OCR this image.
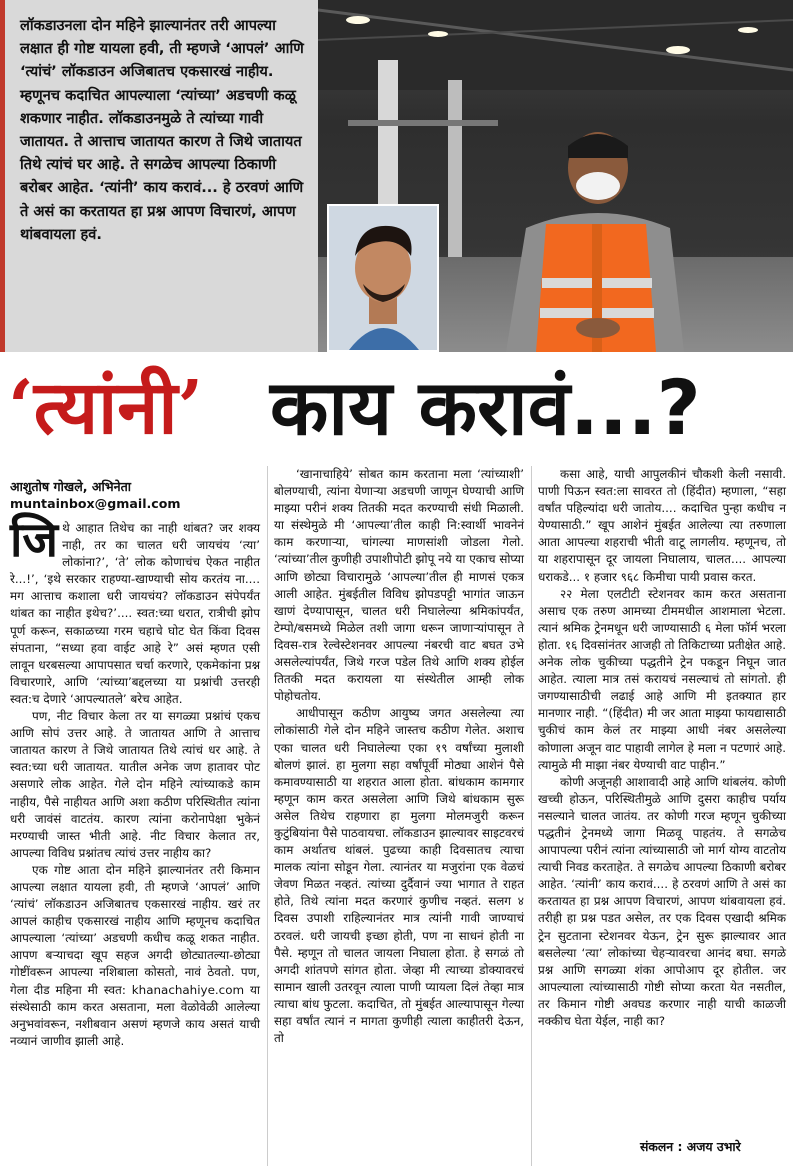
लॉकडाउनला दोन महिने झाल्यानंतर तरी आपल्या लक्षात ही गोष्ट यायला हवी, ती म्हणजे ‘आपलं’ आणि ‘त्यांचं’ लॉकडाउन अजिबातच एकसारखं नाहीय. म्हणूनच कदाचित आपल्याला ‘त्यांच्या’ अडचणी कळू शकणार नाहीत. लॉकडाउनमुळे ते त्यांच्या गावी जातायत. ते आत्ताच जातायत कारण ते जिथे जातायत तिथे त्यांचं घर आहे. ते सगळेच आपल्या ठिकाणी बरोबर आहेत. ‘त्यांनी’ काय करावं... हे ठरवणं आणि ते असं का करतायत हा प्रश्न आपण विचारणं, आपण थांबवायला हवं.
‘त्यांनी’ काय करावं...?
आशुतोष गोखले, अभिनेता
muntainbox@gmail.com

जिथे आहात तिथेच का नाही थांबत? जर शक्य नाही, तर का चालत धरी जायचंय ‘त्या’ लोकांना?’, ‘ते’ लोक कोणाचंच ऐकत नाहीत रे...!’, ‘इथे सरकार राहण्या-खाण्याची सोय करतंय ना.... मग आत्ताच कशाला धरी जायचंय? लॉकडाउन संपेपर्यंत थांबत का नाहीत इथेच?’.... स्वत:च्या धरात, रात्रीची झोप पूर्ण करून, सकाळच्या गरम चहाचे घोट घेत किंवा दिवस संपताना, “सध्या हवा वाईट आहे रे” असं म्हणत एसी लावून धरबसल्या आपापसात चर्चा करणारे, एकमेकांना प्रश्न विचारणारे, आणि ‘त्यांच्या’बद्दलच्या या प्रश्नांची उत्तरही स्वत:च देणारे ‘आपल्यातले’ बरेच आहेत.

पण, नीट विचार केला तर या सगळ्या प्रश्नांचं एकच आणि सोपं उत्तर आहे. ते जातायत आणि ते आत्ताच जातायत कारण ते जिथे जातायत तिथे त्यांचं धर आहे. ते स्वत:च्या धरी जातायत. यातील अनेक जण हातावर पोट असणारे लोक आहेत. गेले दोन महिने त्यांच्याकडे काम नाहीय, पैसे नाहीयत आणि अशा कठीण परिस्थितीत त्यांना धरी जावंसं वाटतंय. कारण त्यांना करोनापेक्षा भुकेनं मरण्याची जास्त भीती आहे. नीट विचार केलात तर, आपल्या विविध प्रश्नांतच त्यांचं उत्तर नाहीय का?

एक गोष्ट आता दोन महिने झाल्यानंतर तरी किमान आपल्या लक्षात यायला हवी, ती म्हणजे ‘आपलं’ आणि ‘त्यांचं’ लॉकडाउन अजिबातच एकसारखं नाहीय. खरं तर आपलं काहीच एकसारखं नाहीय आणि म्हणूनच कदाचित आपल्याला ‘त्यांच्या’ अडचणी कधीच कळू शकत नाहीत. आपण बऱ्याचदा खूप सहज अगदी छोट्यातल्या-छोट्या गोष्टींवरून आपल्या नशिबाला कोसतो, नावं ठेवतो. पण, गेला दीड महिना मी स्वत: khanachahiye.com या संस्थेसाठी काम करत असताना, मला वेळोवेळी आलेल्या अनुभवांवरून, नशीबवान असणं म्हणजे काय असतं याची नव्यानं जाणीव झाली आहे.

‘खानाचाहिये’ सोबत काम करताना मला ‘त्यांच्याशी’ बोलण्याची, त्यांना येणाऱ्या अडचणी जाणून घेण्याची आणि माझ्या परीनं शक्य तितकी मदत करण्याची संधी मिळाली. या संस्थेमुळे मी ‘आपल्या’तील काही नि:स्वार्थी भावनेनं काम करणाऱ्या, चांगल्या माणसांशी जोडला गेलो. ‘त्यांच्या’तील कुणीही उपाशीपोटी झोपू नये या एकाच सोप्या आणि छोट्या विचारामुळे ‘आपल्या’तील ही माणसं एकत्र आली आहेत. मुंबईतील विविध झोपडपट्टी भागांत जाऊन खाणं देण्यापासून, चालत धरी निघालेल्या श्रमिकांपर्यंत, टेम्पो/बसमध्ये मिळेल तशी जागा धरून जाणाऱ्यांपासून ते दिवस-रात्र रेल्वेस्टेशनवर आपल्या नंबरची वाट बघत उभे असलेल्यांपर्यंत, जिथे गरज पडेल तिथे आणि शक्य होईल तितकी मदत करायला या संस्थेतील आम्ही लोक पोहोचतोय.

आधीपासून कठीण आयुष्य जगत असलेल्या त्या लोकांसाठी गेले दोन महिने जास्तच कठीण गेलेत. अशाच एका चालत धरी निघालेल्या एका १९ वर्षांच्या मुलाशी बोलणं झालं. हा मुलगा सहा वर्षांपूर्वी मोठ्या आशेनं पैसे कमावण्यासाठी या शहरात आला होता. बांधकाम कामगार म्हणून काम करत असलेला आणि जिथे बांधकाम सुरू असेल तिथेच राहणारा हा मुलगा मोलमजुरी करून कुटुंबियांना पैसे पाठवायचा. लॉकडाउन झाल्यावर साइटवरचं काम अर्थातच थांबलं. पुढच्या काही दिवसातच त्याचा मालक त्यांना सोडून गेला. त्यानंतर या मजुरांना एक वेळचं जेवण मिळत नव्हतं. त्यांच्या दुर्दैवानं ज्या भागात ते राहत होते, तिथे त्यांना मदत करणारं कुणीच नव्हतं. सलग ४ दिवस उपाशी राहिल्यानंतर मात्र त्यांनी गावी जाण्याचं ठरवलं. धरी जायची इच्छा होती, पण ना साधनं होती ना पैसे. म्हणून तो चालत जायला निघाला होता. हे सगळं तो अगदी शांतपणे सांगत होता. जेव्हा मी त्याच्या डोक्यावरचं सामान खाली उतरवून त्याला पाणी प्यायला दिलं तेव्हा मात्र त्याचा बांध फुटला. कदाचित, तो मुंबईत आल्यापासून गेल्या सहा वर्षांत त्यानं न मागता कुणीही त्याला काहीतरी देऊन, तो

कसा आहे, याची आपुलकीनं चौकशी केली नसावी. पाणी पिऊन स्वत:ला सावरत तो (हिंदीत) म्हणाला, “सहा वर्षांत पहिल्यांदा धरी जातोय.... कदाचित पुन्हा कधीच न येण्यासाठी.” खूप आशेनं मुंबईत आलेल्या त्या तरुणाला आता आपल्या शहराची भीती वाटू लागलीय. म्हणूनच, तो या शहरापासून दूर जायला निघालाय, चालत.... आपल्या धराकडे... १ हजार ९६८ किमीचा पायी प्रवास करत.

२२ मेला एलटीटी स्टेशनवर काम करत असताना असाच एक तरुण आमच्या टीममधील आशमाला भेटला. त्यानं श्रमिक ट्रेनमधून धरी जाण्यासाठी ६ मेला फॉर्म भरला होता. १६ दिवसांनंतर आजही तो तिकिटाच्या प्रतीक्षेत आहे. अनेक लोक चुकीच्या पद्धतीने ट्रेन पकडून निघून जात आहेत. त्याला मात्र तसं करायचं नसल्याचं तो सांगतो. ही जगण्यासाठीची लढाई आहे आणि मी इतक्यात हार मानणार नाही. “(हिंदीत) मी जर आता माझ्या फायद्यासाठी चुकीचं काम केलं तर माझ्या आधी नंबर असलेल्या कोणाला अजून वाट पाहावी लागेल हे मला न पटणारं आहे. त्यामुळे मी माझा नंबर येण्याची वाट पाहीन.”

कोणी अजूनही आशावादी आहे आणि थांबलंय. कोणी खच्ची होऊन, परिस्थितीमुळे आणि दुसरा काहीच पर्याय नसल्याने चालत जातंय. तर कोणी गरज म्हणून चुकीच्या पद्धतीनं ट्रेनमध्ये जागा मिळवू पाहतंय. ते सगळेच आपापल्या परीनं त्यांना त्यांच्यासाठी जो मार्ग योग्य वाटतोय त्याची निवड करताहेत. ते सगळेच आपल्या ठिकाणी बरोबर आहेत. ‘त्यांनी’ काय करावं.... हे ठरवणं आणि ते असं का करतायत हा प्रश्न आपण विचारणं, आपण थांबवायला हवं. तरीही हा प्रश्न पडत असेल, तर एक दिवस एखादी श्रमिक ट्रेन सुटताना स्टेशनवर येऊन, ट्रेन सुरू झाल्यावर आत बसलेल्या ‘त्या’ लोकांच्या चेहऱ्यावरचा आनंद बघा. सगळे प्रश्न आणि सगळ्या शंका आपोआप दूर होतील. जर आपल्याला त्यांच्यासाठी गोष्टी सोप्या करता येत नसतील, तर किमान गोष्टी अवघड करणार नाही याची काळजी नक्कीच घेता येईल, नाही का?

संकलन : अजय उभारे
